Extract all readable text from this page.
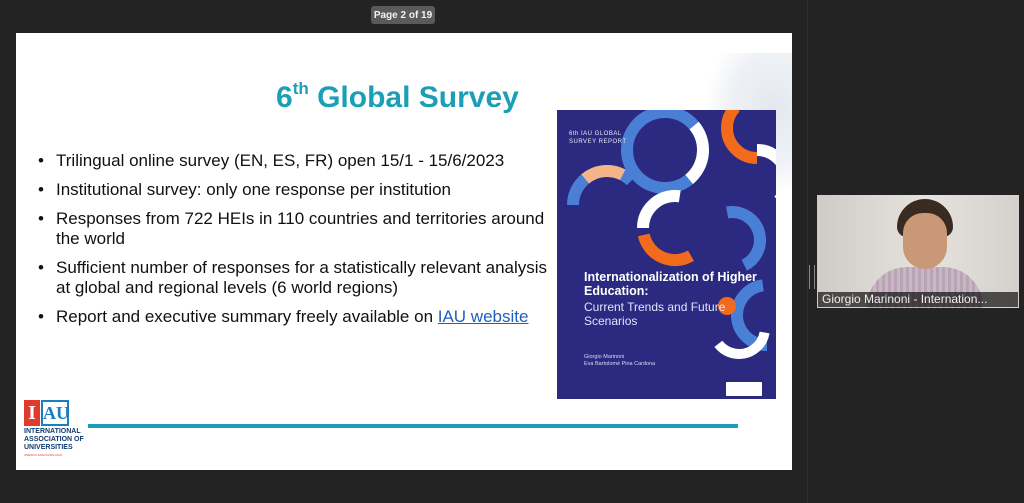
Page 2 of 19
6th Global Survey
• Trilingual online survey (EN, ES, FR) open 15/1 - 15/6/2023
• Institutional survey: only one response per institution
• Responses from 722 HEIs in 110 countries and territories around the world
• Sufficient number of responses for a statistically relevant analysis at global and regional levels (6 world regions)
• Report and executive summary freely available on IAU website
6th IAU GLOBAL
SURVEY REPORT
Internationalization of Higher Education:
Current Trends and Future Scenarios
Giorgio Marinoni
Eva Bartolomé Pina Cardona
I AU
INTERNATIONAL
ASSOCIATION OF
UNIVERSITIES
UNESCO ASSOCIATE NGO
Giorgio Marinoni - Internation...
